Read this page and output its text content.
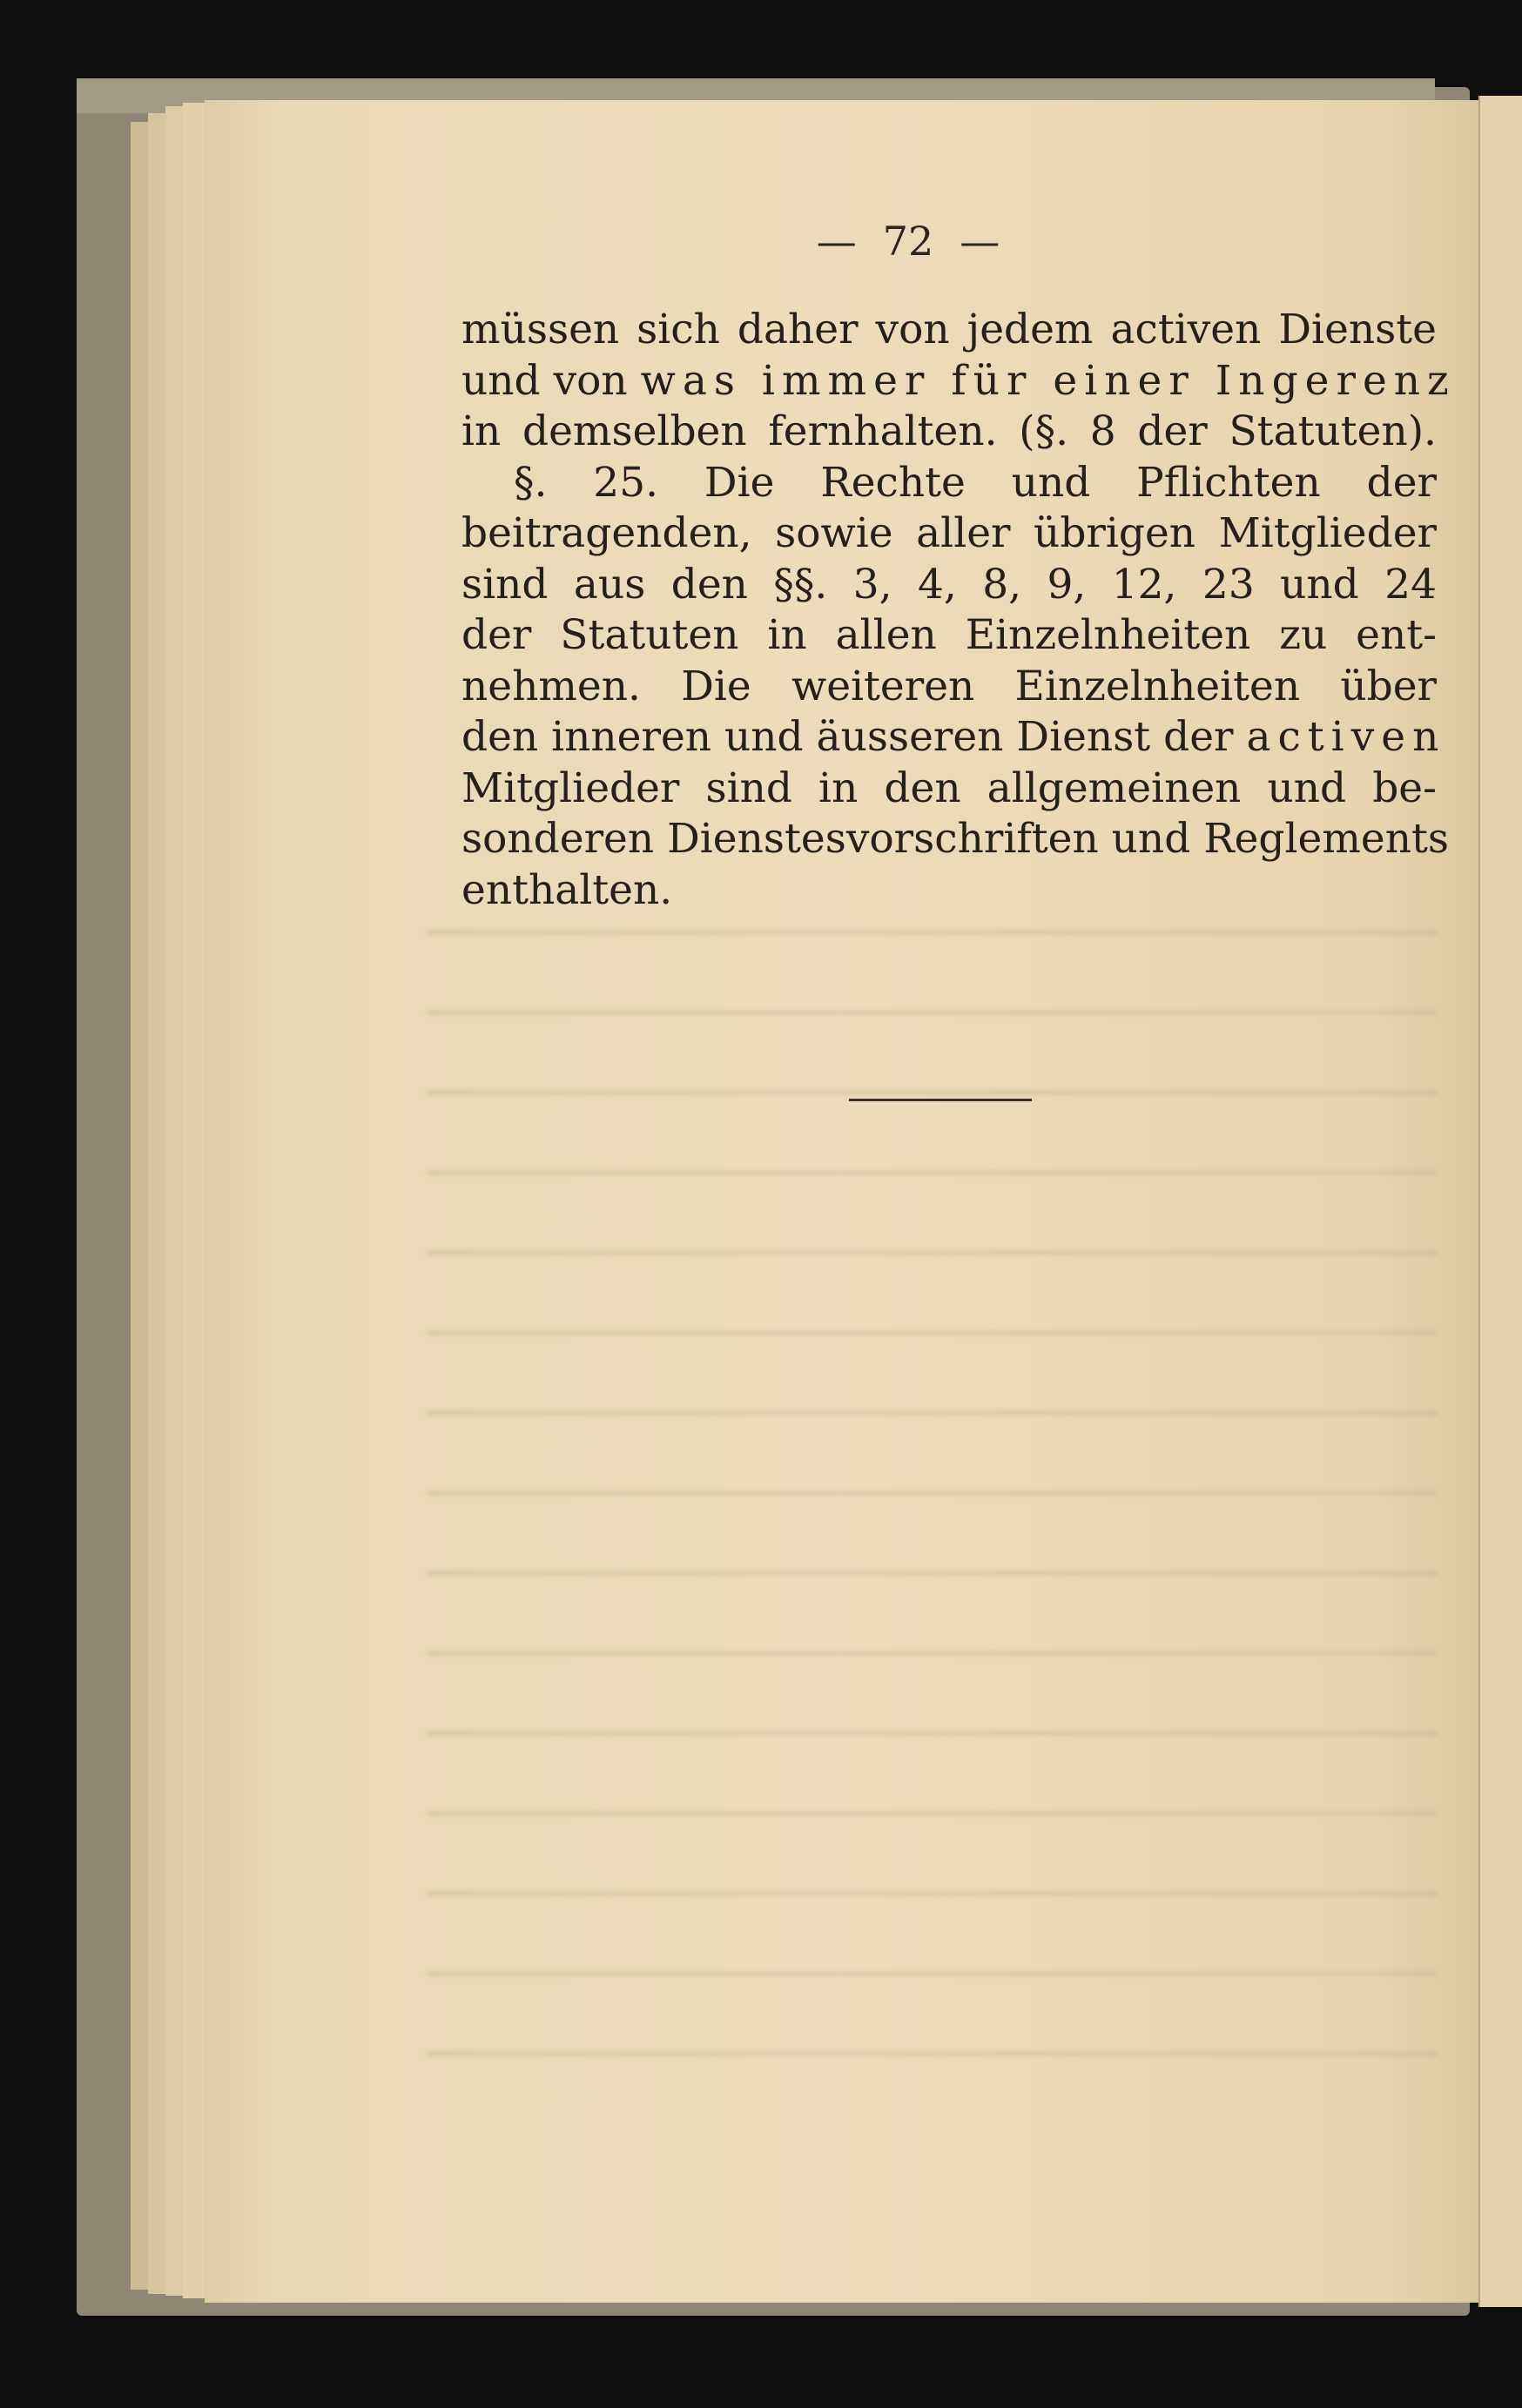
— 72 —
müssen sich daher von jedem activen Dienste
und von was immer für einer Ingerenz
in demselben fernhalten. (§. 8 der Statuten).
§. 25. Die Rechte und Pflichten der
beitragenden, sowie aller übrigen Mitglieder
sind aus den §§. 3, 4, 8, 9, 12, 23 und 24
der Statuten in allen Einzelnheiten zu ent-
nehmen. Die weiteren Einzelnheiten über
den inneren und äusseren Dienst der activen
Mitglieder sind in den allgemeinen und be-
sonderen Dienstesvorschriften und Reglements
enthalten.
